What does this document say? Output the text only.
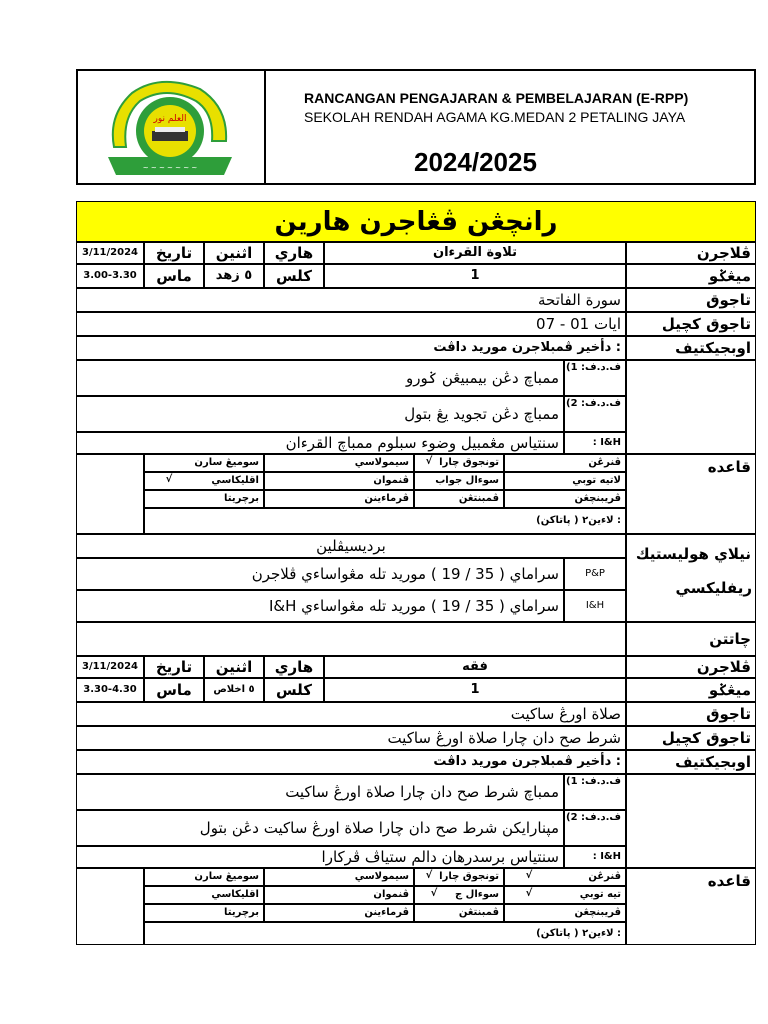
العلم نور
~ ~ ~ ~ ~ ~ ~
RANCANGAN PENGAJARAN & PEMBELAJARAN (E-RPP)
SEKOLAH RENDAH AGAMA KG.MEDAN 2 PETALING JAYA
2024/2025
رانچڠن ڤڠاجرن هارين
ڤلاجرن
تلاوة القرءان
هاري
اثنين
تاريخ
3/11/2024
ميڠݢو
1
كلس
٥ زهد
ماس
3.00-3.30
تاجوق
سورة الفاتحة
تاجوق كچيل
ايات 01 - 07
اوبجيكتيف
: دأخير ڤمبلاجرن موريد داڤت
ف.د.ف: 1)
ممباچ دڠن بيمبيڠن ݢورو
ف.د.ف: 2)
ممباچ دڠن تجويد يڠ بتول
I&H :
سنتياس مڠمبيل وضوء سبلوم ممباچ القرءان
قاعده
ڤنرڠن
تونجوق چارا
√
سيمولاسي
سوميڠ سارن
لاتيه توبي
سوءال جواب
ڤنموان
اقليكاسي
√
ڤريبنچڠن
ڤمبنتڠن
ڤرماءينن
برچريتا
: لاءين٢ ( ڽاتاكن)
نيلاي هوليستيك
برديسيڤلين
P&P
سراماي ( 35 / 19 ) موريد تله مڠواساءي ڤلاجرن
I&H
سراماي ( 35 / 19 ) موريد تله مڠواساءي I&H
ريفليكسي
چاتتن
ڤلاجرن
فقه
هاري
اثنين
تاريخ
3/11/2024
ميڠݢو
1
كلس
٥ اخلاص
ماس
3.30-4.30
تاجوق
صلاة اورڠ ساكيت
تاجوق كچيل
شرط صح دان چارا صلاة اورڠ ساكيت
اوبجيكتيف
: دأخير ڤمبلاجرن موريد داڤت
ف.د.ف: 1)
ممباچ شرط صح دان چارا صلاة اورڠ ساكيت
ف.د.ف: 2)
مپنارايكن شرط صح دان چارا صلاة اورڠ ساكيت دڠن بتول
I&H :
سنتياس برسدرهان دالم ستياڤ ڤركارا
قاعده
ڤنرڠن
√
تونجوق چارا
√
سيمولاسي
سوميڠ سارن
تيه توبي
√
سوءال ج
√
ڤنموان
اقليكاسي
ڤريبنچڠن
ڤمبنتڠن
ڤرماءينن
برچريتا
: لاءين٢ ( ڽاتاكن)
